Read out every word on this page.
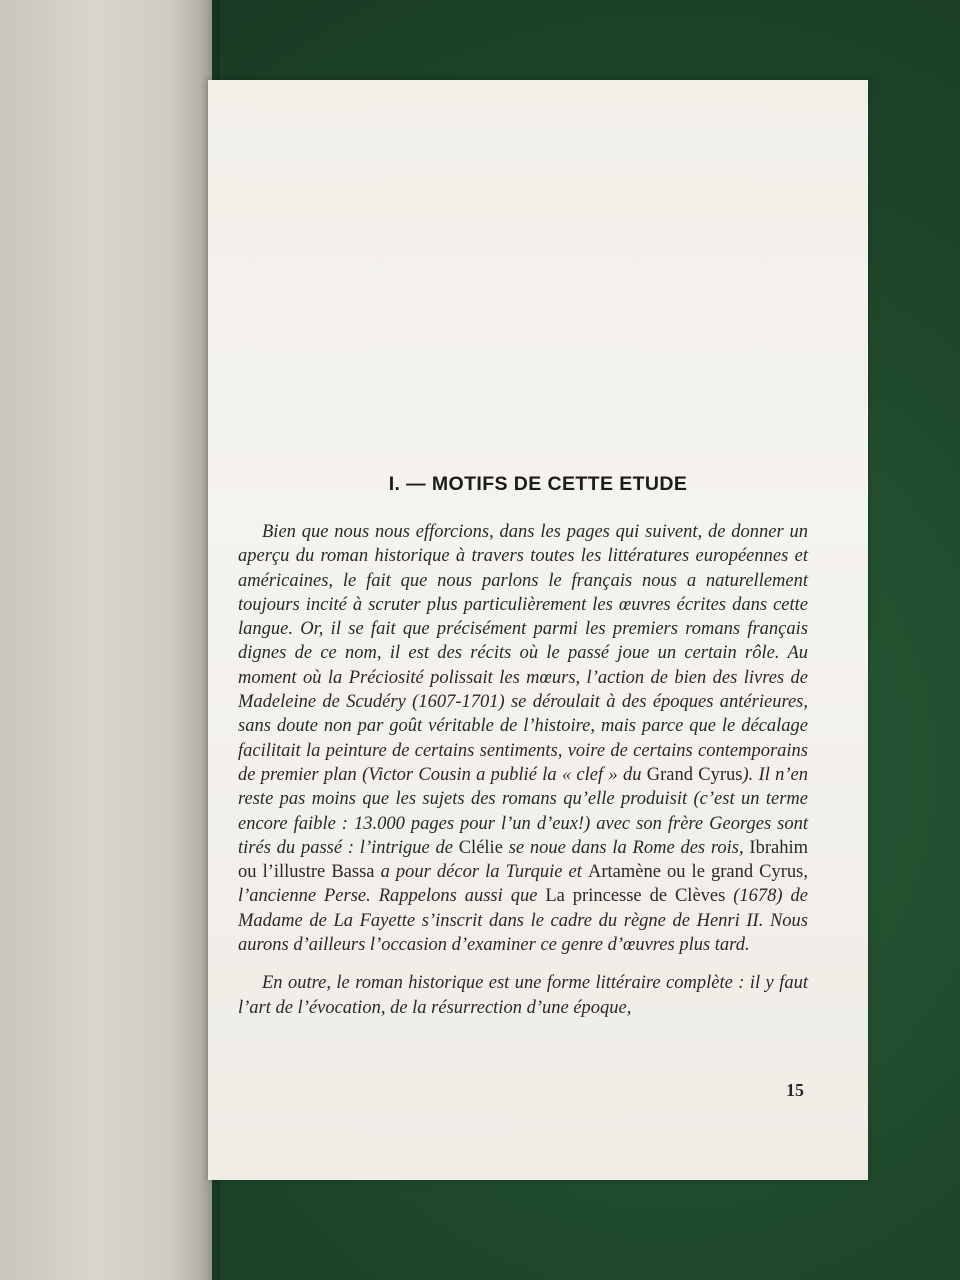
I. — MOTIFS DE CETTE ETUDE

Bien que nous nous efforcions, dans les pages qui suivent, de donner un aperçu du roman historique à travers toutes les littératures européennes et américaines, le fait que nous parlons le français nous a naturellement toujours incité à scruter plus particulièrement les œuvres écrites dans cette langue. Or, il se fait que précisément parmi les premiers romans français dignes de ce nom, il est des récits où le passé joue un certain rôle. Au moment où la Préciosité polissait les mœurs, l’action de bien des livres de Madeleine de Scudéry (1607-1701) se déroulait à des époques antérieures, sans doute non par goût véritable de l’histoire, mais parce que le décalage facilitait la peinture de certains sentiments, voire de certains contemporains de premier plan (Victor Cousin a publié la « clef » du Grand Cyrus). Il n’en reste pas moins que les sujets des romans qu’elle produisit (c’est un terme encore faible : 13.000 pages pour l’un d’eux!) avec son frère Georges sont tirés du passé : l’intrigue de Clélie se noue dans la Rome des rois, Ibrahim ou l’illustre Bassa a pour décor la Turquie et Artamène ou le grand Cyrus, l’ancienne Perse. Rappelons aussi que La princesse de Clèves (1678) de Madame de La Fayette s’inscrit dans le cadre du règne de Henri II. Nous aurons d’ailleurs l’occasion d’examiner ce genre d’œuvres plus tard.

En outre, le roman historique est une forme littéraire complète : il y faut l’art de l’évocation, de la résurrection d’une époque,

15
